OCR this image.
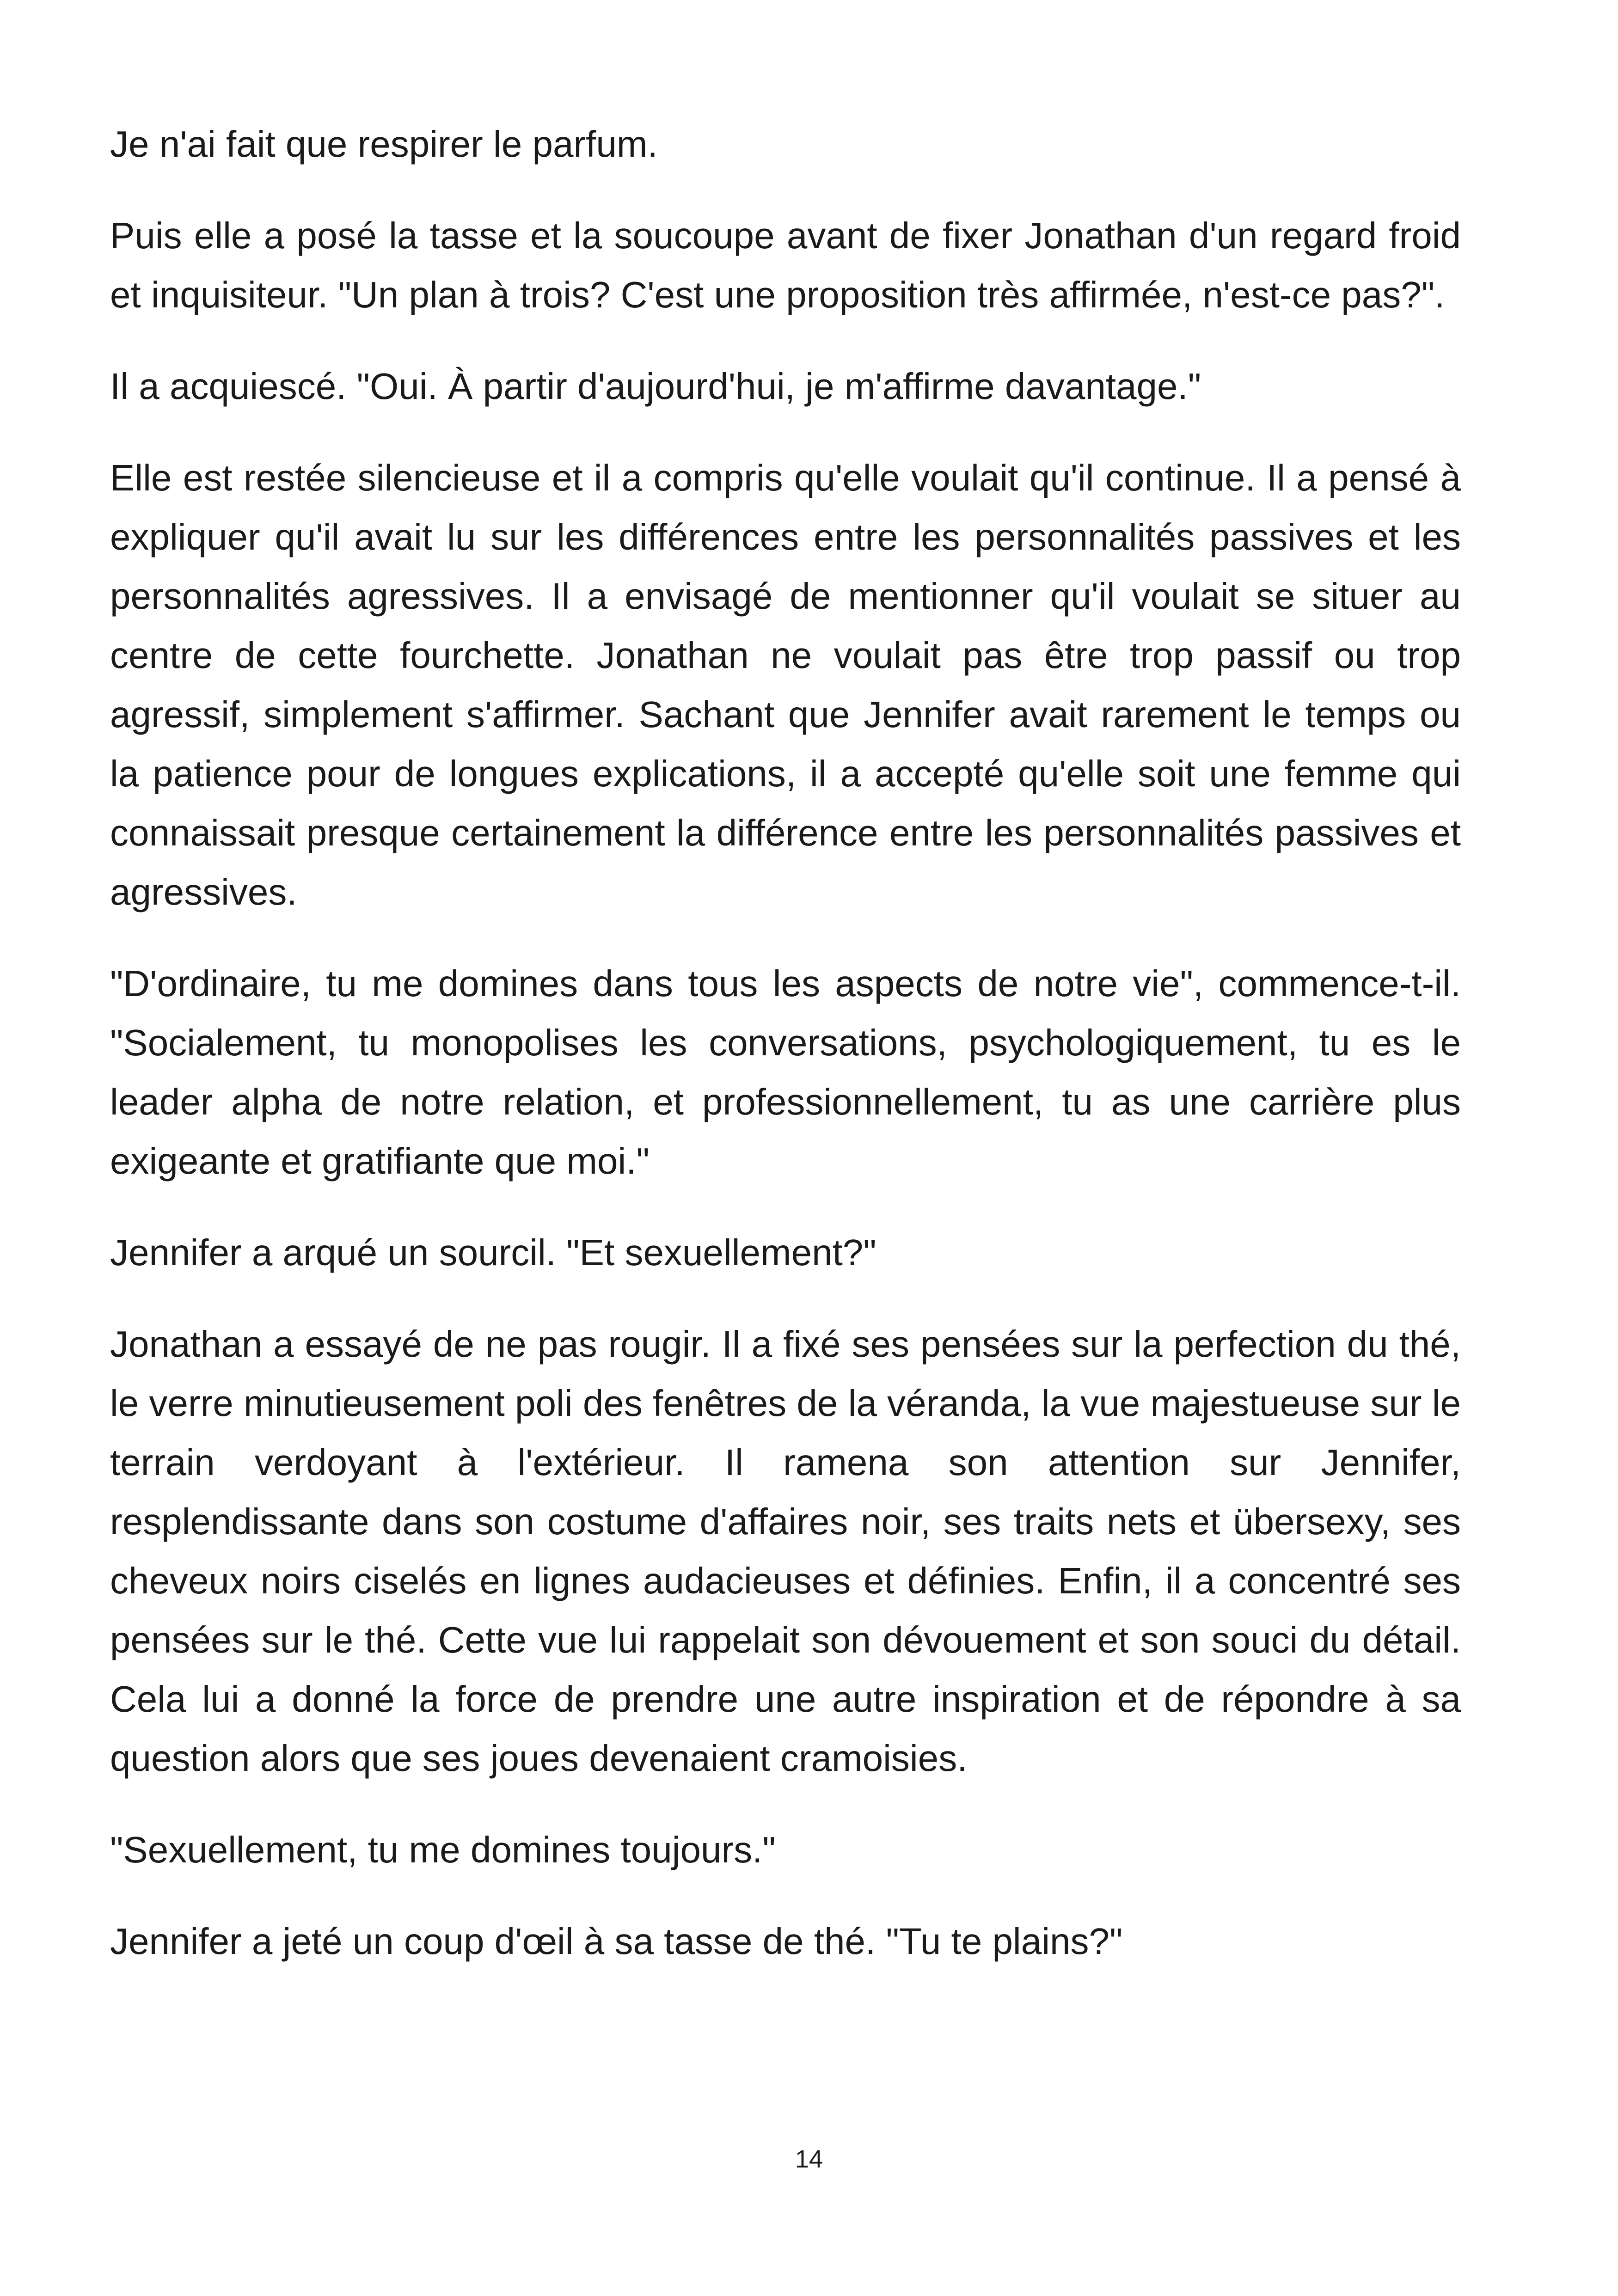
Je n'ai fait que respirer le parfum.

Puis elle a posé la tasse et la soucoupe avant de fixer Jonathan d'un regard froid et inquisiteur. "Un plan à trois? C'est une proposition très affirmée, n'est-ce pas?".

Il a acquiescé. "Oui. À partir d'aujourd'hui, je m'affirme davantage."

Elle est restée silencieuse et il a compris qu'elle voulait qu'il continue. Il a pensé à expliquer qu'il avait lu sur les différences entre les personnalités passives et les personnalités agressives. Il a envisagé de mentionner qu'il voulait se situer au centre de cette fourchette. Jonathan ne voulait pas être trop passif ou trop agressif, simplement s'affirmer. Sachant que Jennifer avait rarement le temps ou la patience pour de longues explications, il a accepté qu'elle soit une femme qui connaissait presque certainement la différence entre les personnalités passives et agressives.

"D'ordinaire, tu me domines dans tous les aspects de notre vie", commence-t-il. "Socialement, tu monopolises les conversations, psychologiquement, tu es le leader alpha de notre relation, et professionnellement, tu as une carrière plus exigeante et gratifiante que moi."

Jennifer a arqué un sourcil. "Et sexuellement?"

Jonathan a essayé de ne pas rougir. Il a fixé ses pensées sur la perfection du thé, le verre minutieusement poli des fenêtres de la véranda, la vue majestueuse sur le terrain verdoyant à l'extérieur. Il ramena son attention sur Jennifer, resplendissante dans son costume d'affaires noir, ses traits nets et übersexy, ses cheveux noirs ciselés en lignes audacieuses et définies. Enfin, il a concentré ses pensées sur le thé. Cette vue lui rappelait son dévouement et son souci du détail. Cela lui a donné la force de prendre une autre inspiration et de répondre à sa question alors que ses joues devenaient cramoisies.

"Sexuellement, tu me domines toujours."

Jennifer a jeté un coup d'œil à sa tasse de thé. "Tu te plains?"

14
